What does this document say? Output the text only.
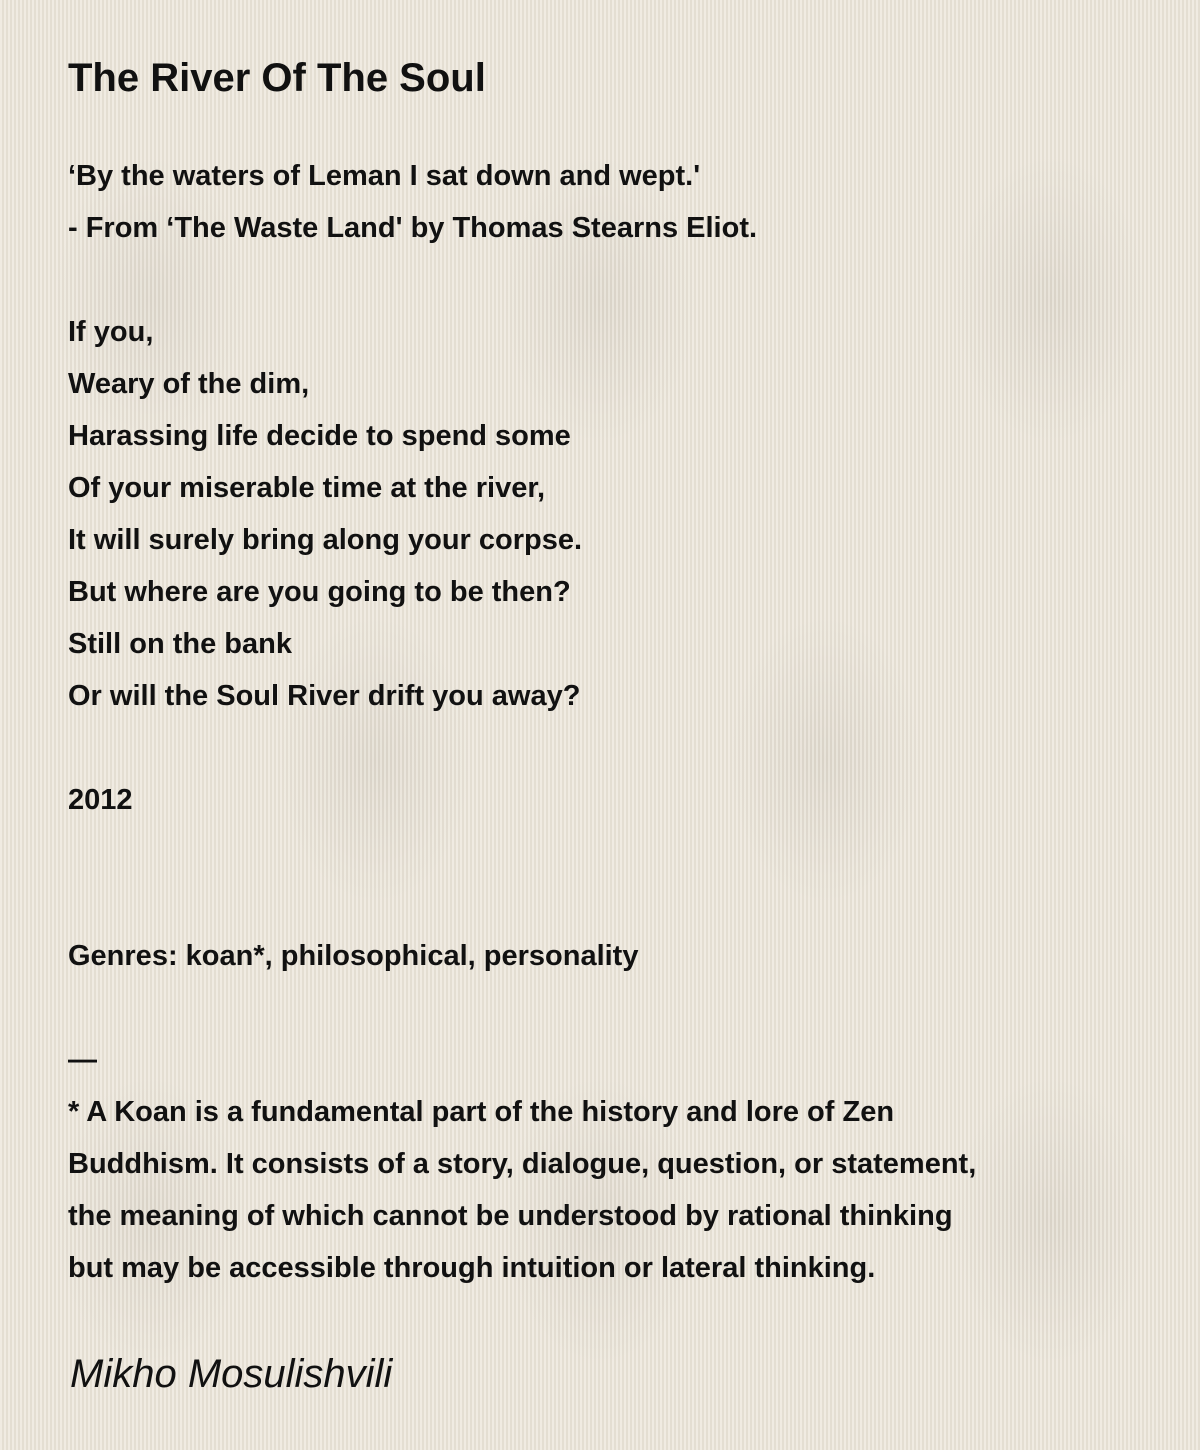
The River Of The Soul
‘By the waters of Leman I sat down and wept.'
- From ‘The Waste Land' by Thomas Stearns Eliot.
If you,
Weary of the dim,
Harassing life decide to spend some
Of your miserable time at the river,
It will surely bring along your corpse.
But where are you going to be then?
Still on the bank
Or will the Soul River drift you away?
2012
Genres: koan*, philosophical, personality
—
* A Koan is a fundamental part of the history and lore of Zen
Buddhism. It consists of a story, dialogue, question, or statement,
the meaning of which cannot be understood by rational thinking
but may be accessible through intuition or lateral thinking.
Mikho Mosulishvili
